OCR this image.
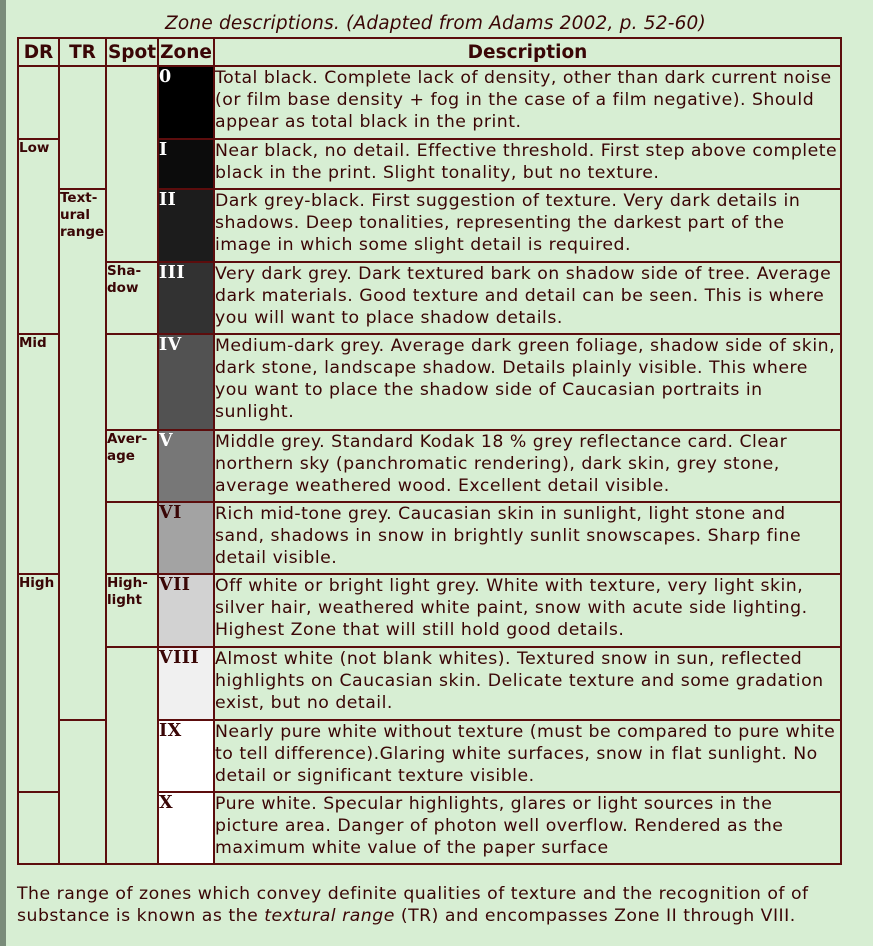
Zone descriptions. (Adapted from Adams 2002, p. 52-60)
DR	TR	Spot	Zone	Description
			0	Total black. Complete lack of density, other than dark current noise (or film base density + fog in the case of a film negative). Should appear as total black in the print.
Low			I	Near black, no detail. Effective threshold. First step above complete black in the print. Slight tonality, but no texture.
	Text-
ural
range		II	Dark grey-black. First suggestion of texture. Very dark details in shadows. Deep tonalities, representing the darkest part of the image in which some slight detail is required.
		Sha-
dow	III	Very dark grey. Dark textured bark on shadow side of tree. Average dark materials. Good texture and detail can be seen. This is where you will want to place shadow details.
Mid			IV	Medium-dark grey. Average dark green foliage, shadow side of skin, dark stone, landscape shadow. Details plainly visible. This where you want to place the shadow side of Caucasian portraits in sunlight.
		Aver-
age	V	Middle grey. Standard Kodak 18 % grey reflectance card. Clear northern sky (panchromatic rendering), dark skin, grey stone, average weathered wood. Excellent detail visible.
			VI	Rich mid-tone grey. Caucasian skin in sunlight, light stone and sand, shadows in snow in brightly sunlit snowscapes. Sharp fine detail visible.
High		High-
light	VII	Off white or bright light grey. White with texture, very light skin, silver hair, weathered white paint, snow with acute side lighting. Highest Zone that will still hold good details.
			VIII	Almost white (not blank whites). Textured snow in sun, reflected highlights on Caucasian skin. Delicate texture and some gradation exist, but no detail.
			IX	Nearly pure white without texture (must be compared to pure white to tell difference).Glaring white surfaces, snow in flat sunlight. No detail or significant texture visible.
			X	Pure white. Specular highlights, glares or light sources in the picture area. Danger of photon well overflow. Rendered as the maximum white value of the paper surface
The range of zones which convey definite qualities of texture and the recognition of of substance is known as the textural range (TR) and encompasses Zone II through VIII.
